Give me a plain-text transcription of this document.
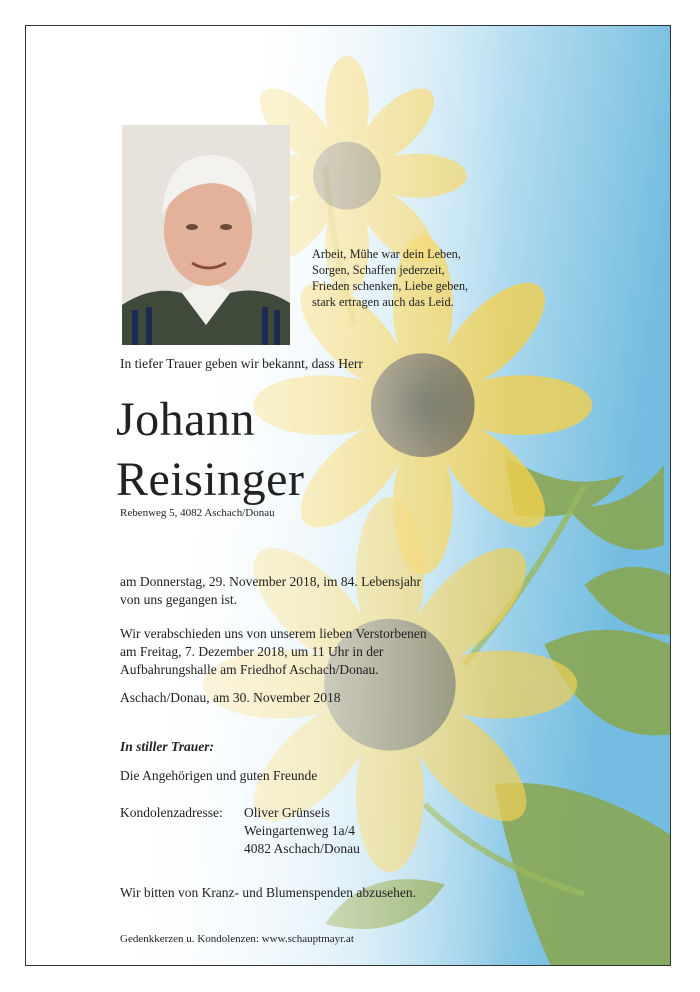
Arbeit, Mühe war dein Leben,
Sorgen, Schaffen jederzeit,
Frieden schenken, Liebe geben,
stark ertragen auch das Leid.
In tiefer Trauer geben wir bekannt, dass Herr
Johann
Reisinger
Rebenweg 5, 4082 Aschach/Donau
am Donnerstag, 29. November 2018, im 84. Lebensjahr
von uns gegangen ist.
Wir verabschieden uns von unserem lieben Verstorbenen
am Freitag, 7. Dezember 2018, um 11 Uhr in der
Aufbahrungshalle am Friedhof Aschach/Donau.
Aschach/Donau, am 30. November 2018
In stiller Trauer:
Die Angehörigen und guten Freunde
Kondolenzadresse: Oliver Grünseis
Weingartenweg 1a/4
4082 Aschach/Donau
Wir bitten von Kranz- und Blumenspenden abzusehen.
Gedenkkerzen u. Kondolenzen: www.schauptmayr.at
